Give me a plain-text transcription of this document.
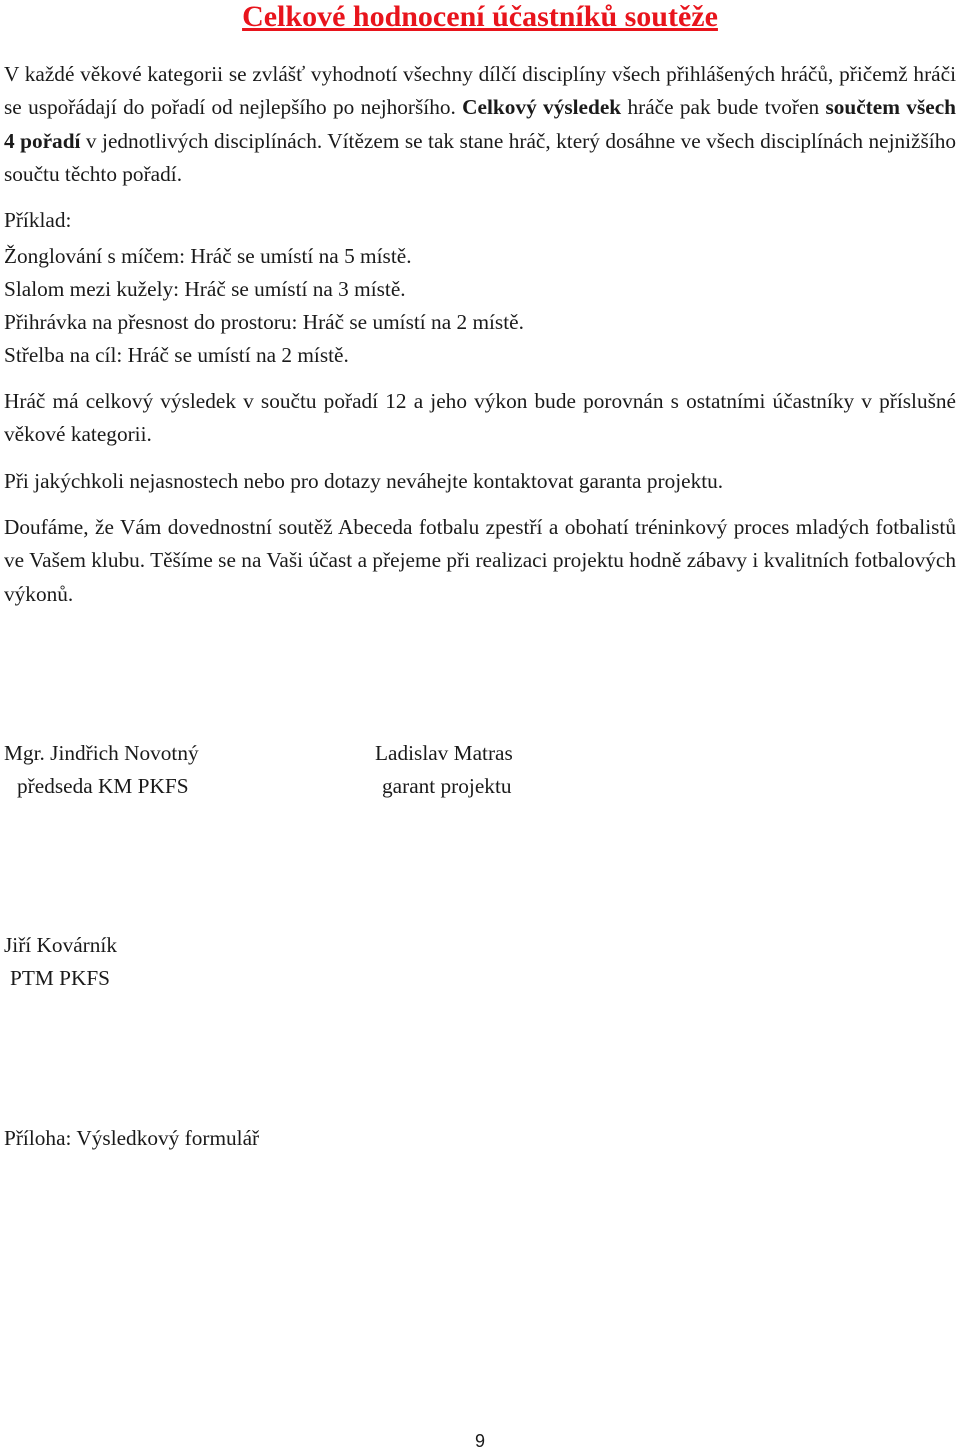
Celkové hodnocení účastníků soutěže

V každé věkové kategorii se zvlášť vyhodnotí všechny dílčí disciplíny všech přihlášených hráčů, přičemž hráči se uspořádají do pořadí od nejlepšího po nejhoršího. Celkový výsledek hráče pak bude tvořen součtem všech 4 pořadí v jednotlivých disciplínách. Vítězem se tak stane hráč, který dosáhne ve všech disciplínách nejnižšího součtu těchto pořadí.

Příklad:

Žonglování s míčem: Hráč se umístí na 5 místě.

Slalom mezi kužely: Hráč se umístí na 3 místě.

Přihrávka na přesnost do prostoru: Hráč se umístí na 2 místě.

Střelba na cíl: Hráč se umístí na 2 místě.

Hráč má celkový výsledek v součtu pořadí 12 a jeho výkon bude porovnán s ostatními účastníky v příslušné věkové kategorii.

Při jakýchkoli nejasnostech nebo pro dotazy neváhejte kontaktovat garanta projektu.

Doufáme, že Vám dovednostní soutěž Abeceda fotbalu zpestří a obohatí tréninkový proces mladých fotbalistů ve Vašem klubu. Těšíme se na Vaši účast a přejeme při realizaci projektu hodně zábavy i kvalitních fotbalových výkonů.

Mgr. Jindřich Novotný
předseda KM PKFS
Ladislav Matras
garant projektu
Jiří Kovárník
PTM PKFS
Příloha: Výsledkový formulář
9
